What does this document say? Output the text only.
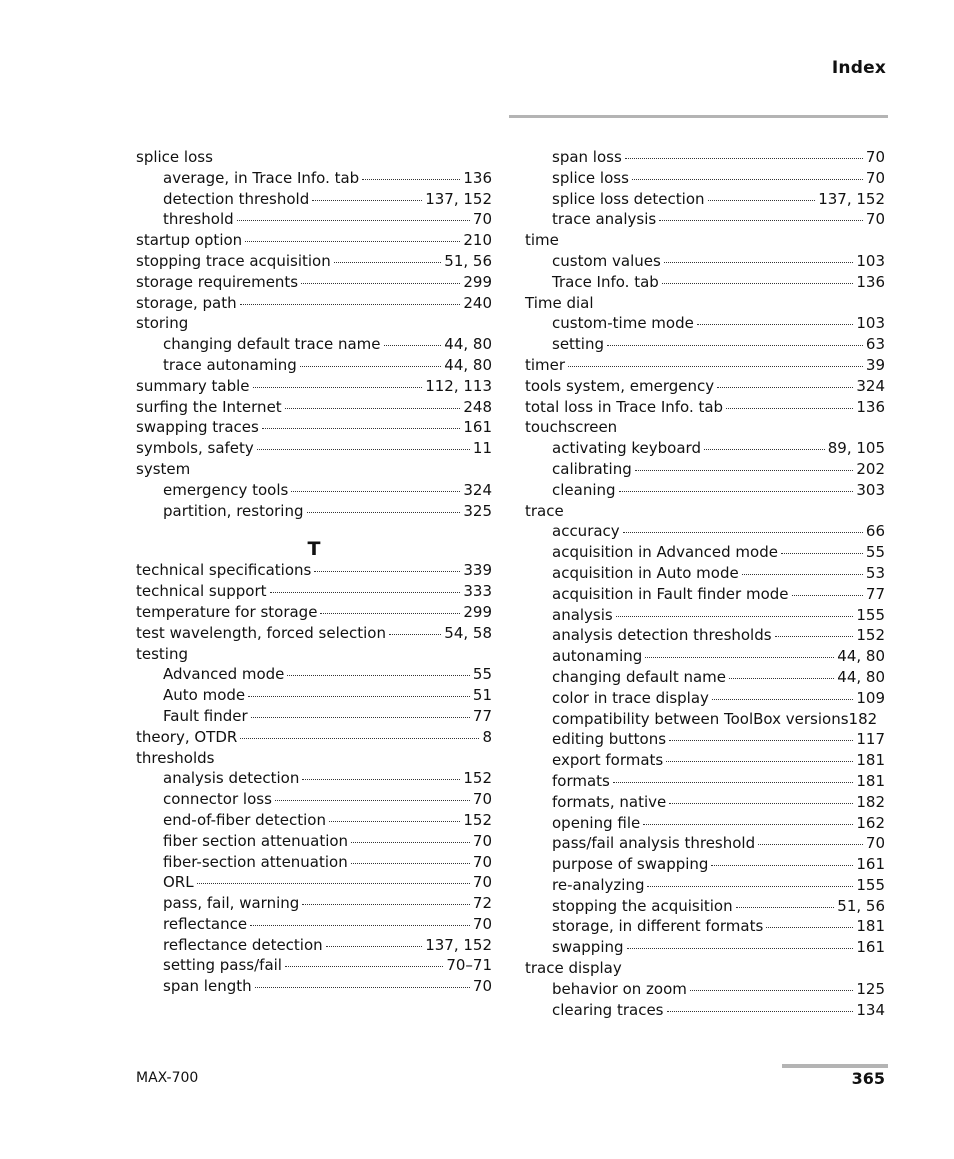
Index
splice loss
average, in Trace Info. tab	136
detection threshold	137, 152
threshold	70
startup option	210
stopping trace acquisition	51, 56
storage requirements	299
storage, path	240
storing
changing default trace name	44, 80
trace autonaming	44, 80
summary table	112, 113
surfing the Internet	248
swapping traces	161
symbols, safety	11
system
emergency tools	324
partition, restoring	325
T
technical specifications	339
technical support	333
temperature for storage	299
test wavelength, forced selection	54, 58
testing
Advanced mode	55
Auto mode	51
Fault finder	77
theory, OTDR	8
thresholds
analysis detection	152
connector loss	70
end-of-fiber detection	152
fiber section attenuation	70
fiber-section attenuation	70
ORL	70
pass, fail, warning	72
reflectance	70
reflectance detection	137, 152
setting pass/fail	70–71
span length	70
span loss	70
splice loss	70
splice loss detection	137, 152
trace analysis	70
time
custom values	103
Trace Info. tab	136
Time dial
custom-time mode	103
setting	63
timer	39
tools system, emergency	324
total loss in Trace Info. tab	136
touchscreen
activating keyboard	89, 105
calibrating	202
cleaning	303
trace
accuracy	66
acquisition in Advanced mode	55
acquisition in Auto mode	53
acquisition in Fault finder mode	77
analysis	155
analysis detection thresholds	152
autonaming	44, 80
changing default name	44, 80
color in trace display	109
compatibility between ToolBox versions 182
editing buttons	117
export formats	181
formats	181
formats, native	182
opening file	162
pass/fail analysis threshold	70
purpose of swapping	161
re-analyzing	155
stopping the acquisition	51, 56
storage, in different formats	181
swapping	161
trace display
behavior on zoom	125
clearing traces	134
MAX-700	365
